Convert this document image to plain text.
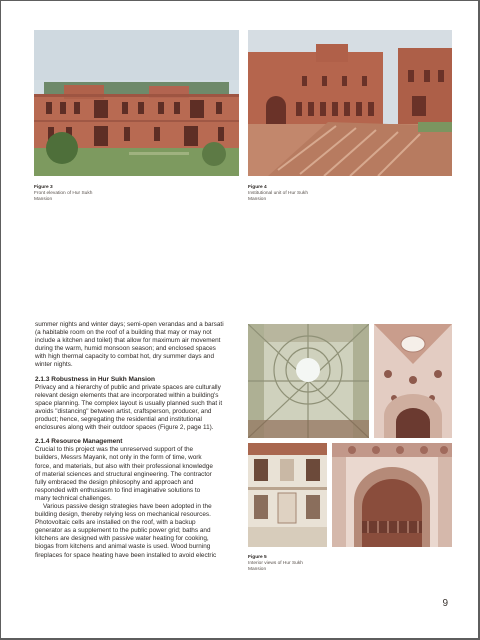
Figure 3
Front elevation of Hur Sukh
Mansion
Figure 4
Institutional unit of Hur Sukh
Mansion
Figure 5
Interior views of Hur Sukh
Mansion

summer nights and winter days; semi-open verandas and a barsati

(a habitable room on the roof of a building that may or may not

include a kitchen and toilet) that allow for maximum air movement

during the warm, humid monsoon season; and enclosed spaces

with high thermal capacity to combat hot, dry summer days and

winter nights.

2.1.3 Robustness in Hur Sukh Mansion

Privacy and a hierarchy of public and private spaces are culturally

relevant design elements that are incorporated within a building's

space planning. The complex layout is usually planned such that it

avoids "distancing" between artist, craftsperson, producer, and

product; hence, segregating the residential and institutional

enclosures along with their outdoor spaces (Figure 2, page 11).

2.1.4 Resource Management

Crucial to this project was the unreserved support of the

builders, Messrs Mayank, not only in the form of time, work

force, and materials, but also with their professional knowledge

of material sciences and structural engineering. The contractor

fully embraced the design philosophy and approach and

responded with enthusiasm to find imaginative solutions to

many technical challenges.

Various passive design strategies have been adopted in the

building design, thereby relying less on mechanical resources.

Photovoltaic cells are installed on the roof, with a backup

generator as a supplement to the public power grid; baths and

kitchens are designed with passive water heating for cooking,

biogas from kitchens and animal waste is used. Wood burning

fireplaces for space heating have been installed to avoid electric

9
